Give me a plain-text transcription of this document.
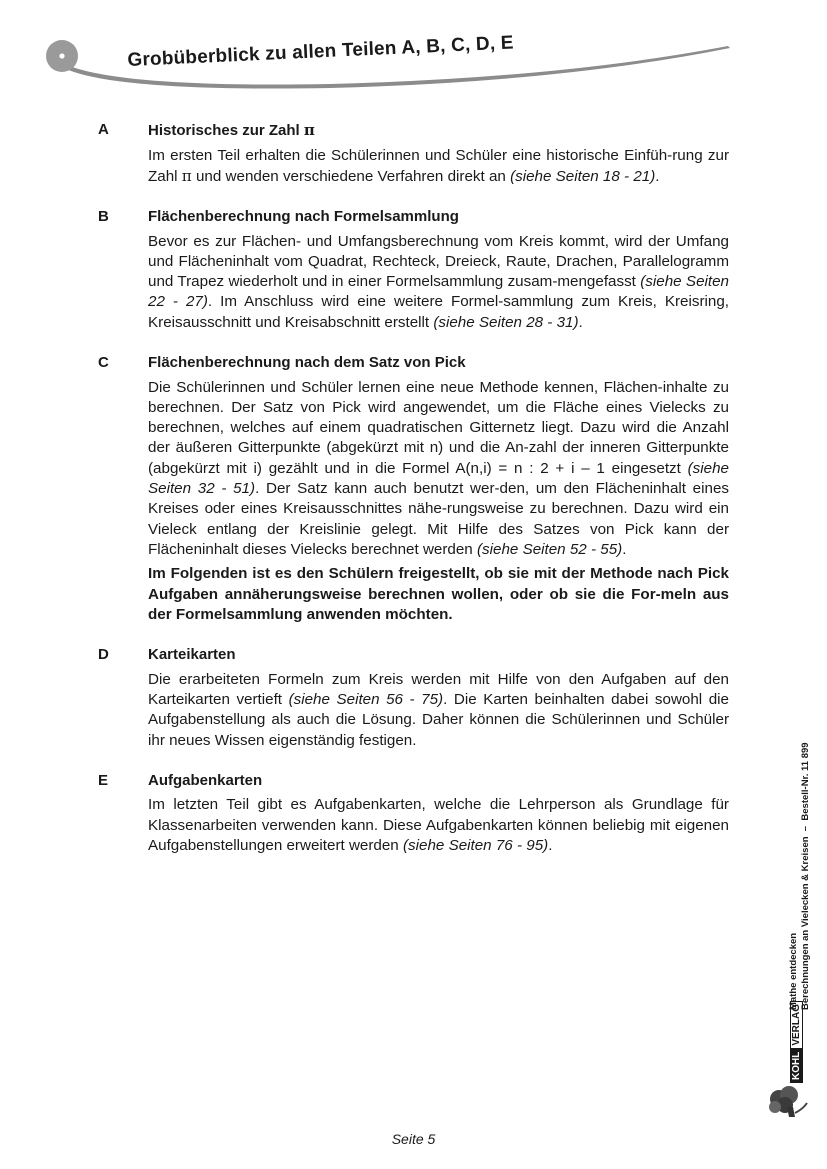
Grobüberblick zu allen Teilen A, B, C, D, E
A	Historisches zur Zahl π

Im ersten Teil erhalten die Schülerinnen und Schüler eine historische Einfüh-rung zur Zahl π und wenden verschiedene Verfahren direkt an (siehe Seiten 18 - 21).

B	Flächenberechnung nach Formelsammlung

Bevor es zur Flächen- und Umfangsberechnung vom Kreis kommt, wird der Umfang und Flächeninhalt vom Quadrat, Rechteck, Dreieck, Raute, Drachen, Parallelogramm und Trapez wiederholt und in einer Formelsammlung zusam-mengefasst (siehe Seiten 22 - 27). Im Anschluss wird eine weitere Formel-sammlung zum Kreis, Kreisring, Kreisausschnitt und Kreisabschnitt erstellt (siehe Seiten 28 - 31).

C	Flächenberechnung nach dem Satz von Pick

Die Schülerinnen und Schüler lernen eine neue Methode kennen, Flächen-inhalte zu berechnen. Der Satz von Pick wird angewendet, um die Fläche eines Vielecks zu berechnen, welches auf einem quadratischen Gitternetz liegt. Dazu wird die Anzahl der äußeren Gitterpunkte (abgekürzt mit n) und die An-zahl der inneren Gitterpunkte (abgekürzt mit i) gezählt und in die Formel A(n,i) = n : 2 + i – 1 eingesetzt (siehe Seiten 32 - 51). Der Satz kann auch benutzt wer-den, um den Flächeninhalt eines Kreises oder eines Kreisausschnittes nähe-rungsweise zu berechnen. Dazu wird ein Vieleck entlang der Kreislinie gelegt. Mit Hilfe des Satzes von Pick kann der Flächeninhalt dieses Vielecks berechnet werden (siehe Seiten 52 - 55).

Im Folgenden ist es den Schülern freigestellt, ob sie mit der Methode nach Pick Aufgaben annäherungsweise berechnen wollen, oder ob sie die For-meln aus der Formelsammlung anwenden möchten.

D	Karteikarten

Die erarbeiteten Formeln zum Kreis werden mit Hilfe von den Aufgaben auf den Karteikarten vertieft (siehe Seiten 56 - 75). Die Karten beinhalten dabei sowohl die Aufgabenstellung als auch die Lösung. Daher können die Schülerinnen und Schüler ihr neues Wissen eigenständig festigen.

E	Aufgabenkarten

Im letzten Teil gibt es Aufgabenkarten, welche die Lehrperson als Grundlage für Klassenarbeiten verwenden kann. Diese Aufgabenkarten können beliebig mit eigenen Aufgabenstellungen erweitert werden (siehe Seiten 76 - 95).

Mathe entdecken Berechnungen an Vielecken & Kreisen  –  Bestell-Nr. 11 899
KOHL
VERLAG
Seite 5
